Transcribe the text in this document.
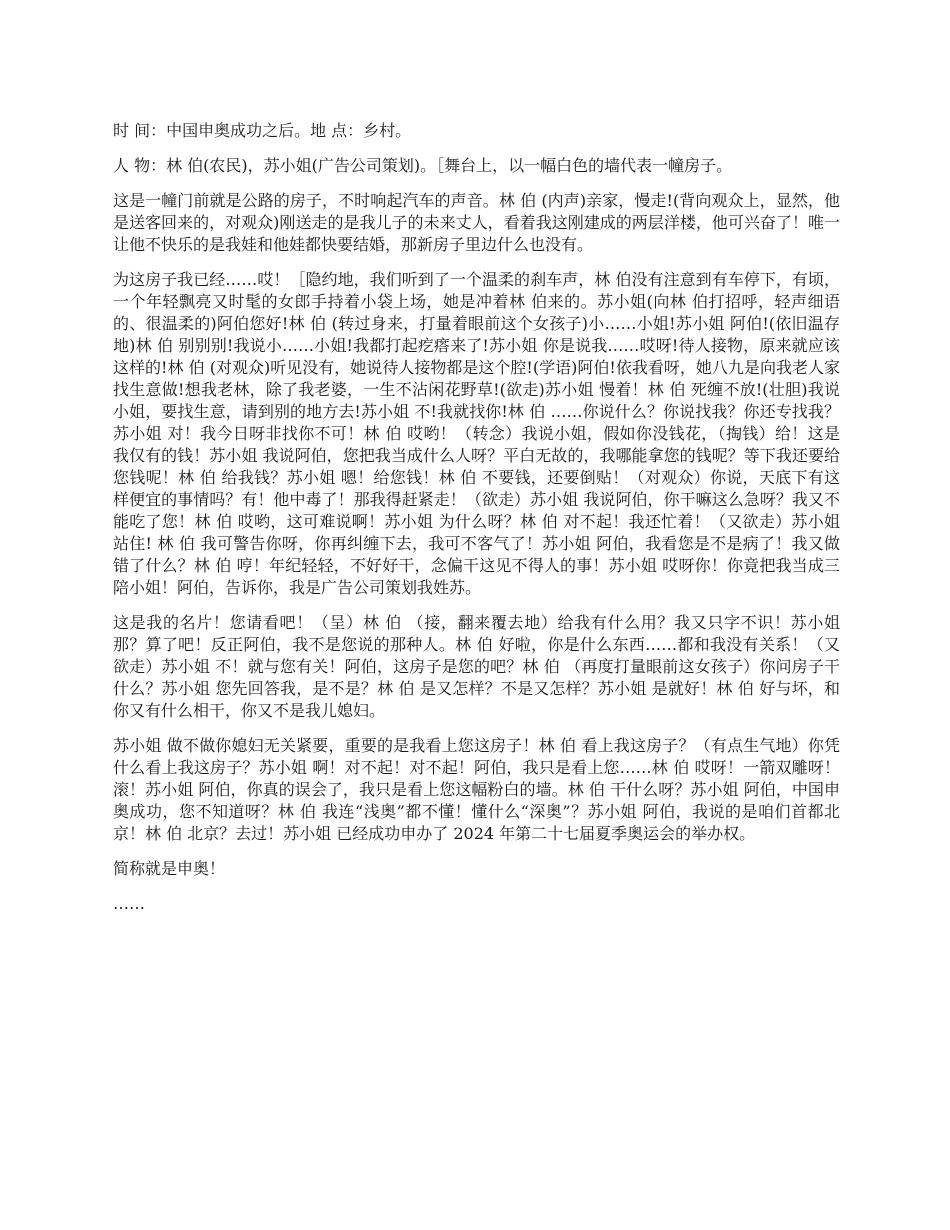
时 间：中国申奥成功之后。地 点：乡村。

人 物：林 伯(农民)，苏小姐(广告公司策划)。［舞台上，以一幅白色的墙代表一幢房子。

这是一幢门前就是公路的房子，不时响起汽车的声音。林 伯 (内声)亲家，慢走!(背向观众上，显然，他是送客回来的，对观众)刚送走的是我儿子的未来丈人，看着我这刚建成的两层洋楼，他可兴奋了！唯一让他不快乐的是我娃和他娃都快要结婚，那新房子里边什么也没有。

为这房子我已经……哎！［隐约地，我们听到了一个温柔的刹车声，林 伯没有注意到有车停下，有顷，一个年轻飘亮又时髦的女郎手持着小袋上场，她是冲着林 伯来的。苏小姐(向林 伯打招呼，轻声细语的、很温柔的)阿伯您好!林 伯 (转过身来，打量着眼前这个女孩子)小……小姐!苏小姐 阿伯!(依旧温存地)林 伯 别别别!我说小……小姐!我都打起疙瘩来了!苏小姐 你是说我……哎呀!待人接物，原来就应该这样的!林 伯 (对观众)听见没有，她说待人接物都是这个腔!(学语)阿伯!依我看呀，她八九是向我老人家找生意做!想我老林，除了我老婆，一生不沾闲花野草!(欲走)苏小姐 慢着！林 伯 死缠不放!(壮胆)我说小姐，要找生意，请到别的地方去!苏小姐 不!我就找你!林 伯 ……你说什么？你说找我？你还专找我？苏小姐 对！我今日呀非找你不可！林 伯 哎哟！（转念）我说小姐，假如你没钱花，（掏钱）给！这是我仅有的钱！苏小姐 我说阿伯，您把我当成什么人呀？平白无故的，我哪能拿您的钱呢？等下我还要给您钱呢！林 伯 给我钱？苏小姐 嗯！给您钱！林 伯 不要钱，还要倒贴！（对观众）你说，天底下有这样便宜的事情吗？有！他中毒了！那我得赶紧走！（欲走）苏小姐 我说阿伯，你干嘛这么急呀？我又不能吃了您！林 伯 哎哟，这可难说啊！苏小姐 为什么呀？林 伯 对不起！我还忙着！（又欲走）苏小姐 站住! 林 伯 我可警告你呀，你再纠缠下去，我可不客气了！苏小姐 阿伯，我看您是不是病了！我又做错了什么？林 伯 哼！年纪轻轻，不好好干，念偏干这见不得人的事！苏小姐 哎呀你！你竟把我当成三陪小姐！阿伯，告诉你，我是广告公司策划我姓苏。

这是我的名片！您请看吧！（呈）林 伯 （接，翻来覆去地）给我有什么用？我又只字不识！苏小姐 那？算了吧！反正阿伯，我不是您说的那种人。林 伯 好啦，你是什么东西……都和我没有关系！（又欲走）苏小姐 不！就与您有关！阿伯，这房子是您的吧？林 伯 （再度打量眼前这女孩子）你问房子干什么？苏小姐 您先回答我，是不是？林 伯 是又怎样？不是又怎样？苏小姐 是就好！林 伯 好与坏，和你又有什么相干，你又不是我儿媳妇。

苏小姐 做不做你媳妇无关紧要，重要的是我看上您这房子！林 伯 看上我这房子？（有点生气地）你凭什么看上我这房子？苏小姐 啊！对不起！对不起！阿伯，我只是看上您……林 伯 哎呀！一箭双雕呀！滚！苏小姐 阿伯，你真的误会了，我只是看上您这幅粉白的墙。林 伯 干什么呀？苏小姐 阿伯，中国申奥成功，您不知道呀？林 伯 我连“浅奥”都不懂！懂什么“深奥”？苏小姐 阿伯，我说的是咱们首都北京！林 伯 北京？去过！苏小姐 已经成功申办了 2024 年第二十七届夏季奥运会的举办权。

简称就是申奥！

……
